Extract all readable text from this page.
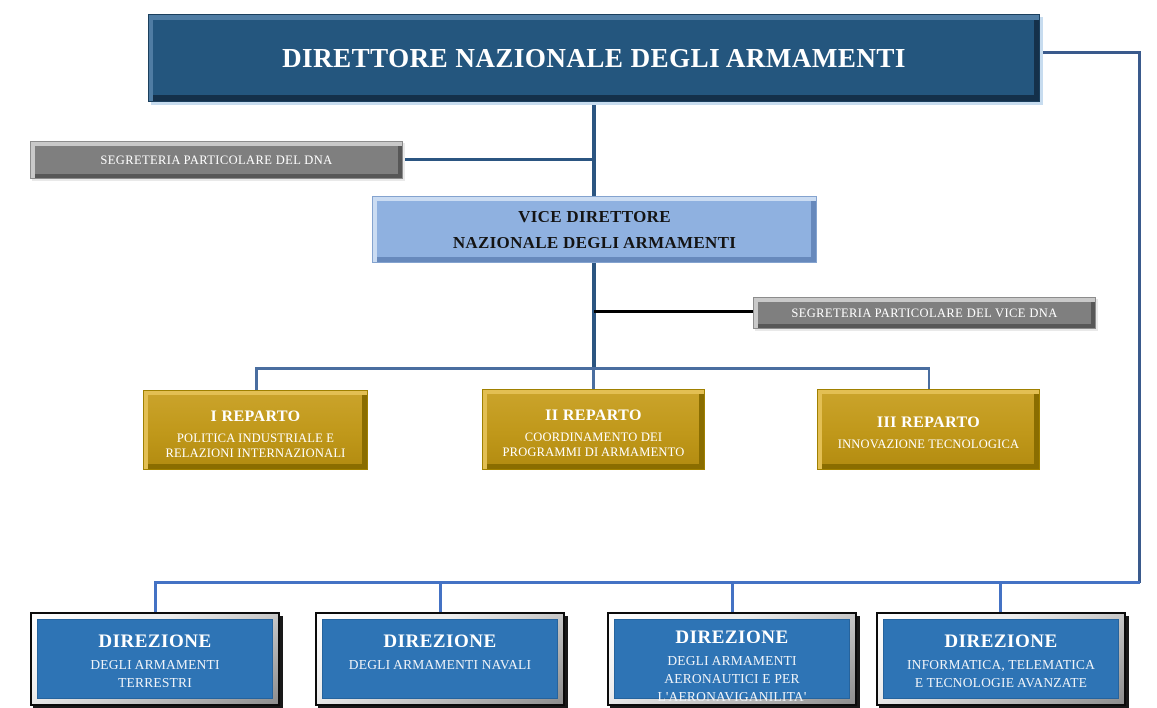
DIRETTORE NAZIONALE DEGLI ARMAMENTI
SEGRETERIA PARTICOLARE DEL DNA
VICE DIRETTORE
NAZIONALE DEGLI ARMAMENTI
SEGRETERIA PARTICOLARE DEL VICE DNA
I REPARTO
POLITICA INDUSTRIALE E
RELAZIONI INTERNAZIONALI
II REPARTO
COORDINAMENTO DEI
PROGRAMMI DI ARMAMENTO
III REPARTO
INNOVAZIONE TECNOLOGICA
DIREZIONE
DEGLI ARMAMENTI
TERRESTRI
DIREZIONE
DEGLI ARMAMENTI NAVALI
DIREZIONE
DEGLI ARMAMENTI
AERONAUTICI E PER
L'AERONAVIGANILITA'
DIREZIONE
INFORMATICA, TELEMATICA
E TECNOLOGIE AVANZATE
